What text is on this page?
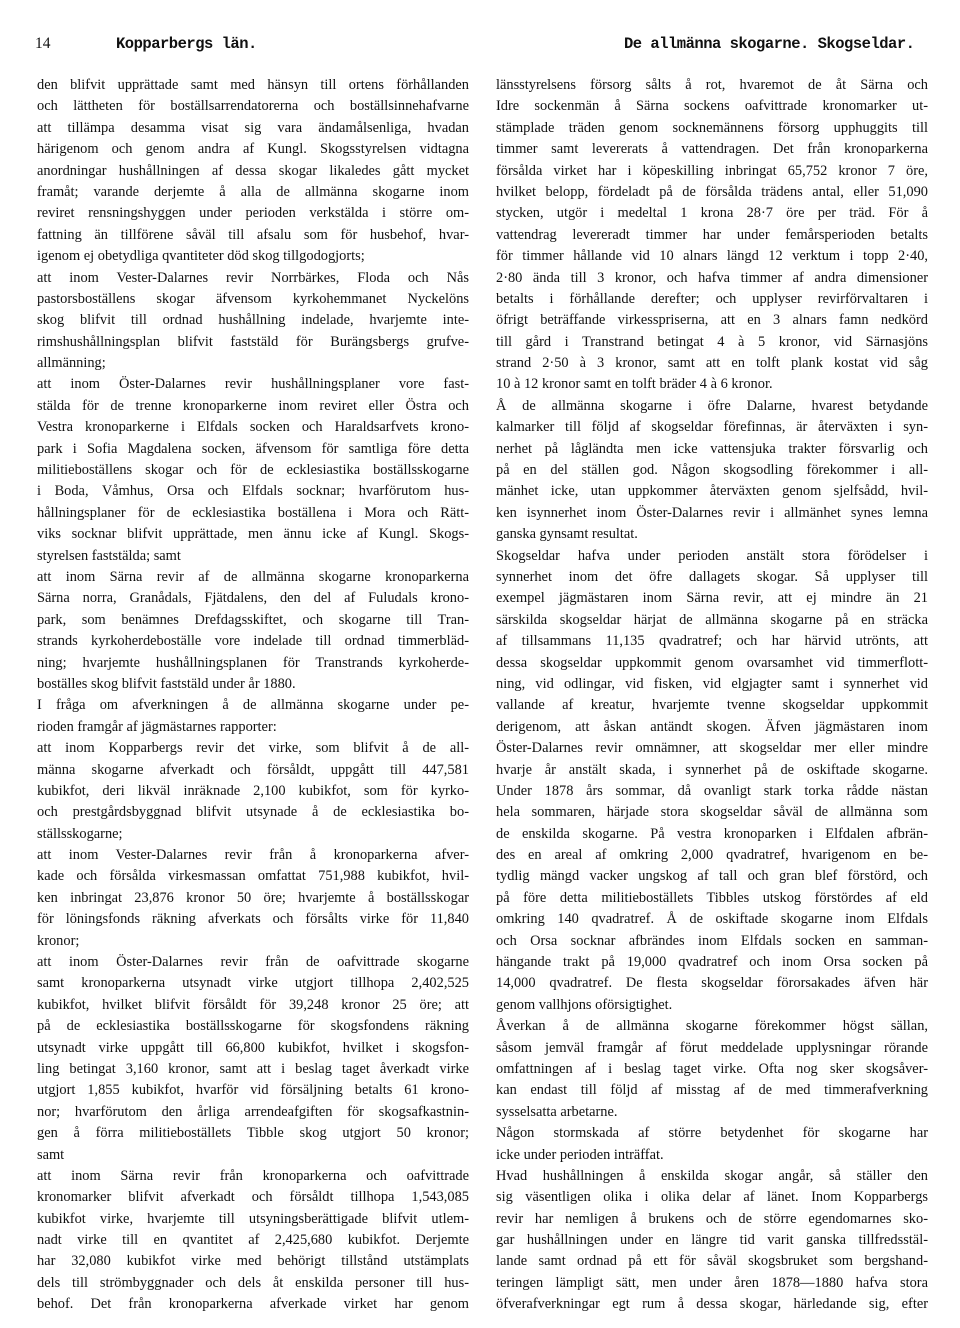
14	Kopparbergs län.	De allmänna skogarne. Skogseldar.
den blifvit upprättade samt med hänsyn till ortens förhållanden
och lättheten för boställsarrendatorerna och boställsinnehafvarne
att tillämpa desamma visat sig vara ändamålsenliga, hvadan
härigenom och genom andra af Kungl. Skogsstyrelsen vidtagna
anordningar hushållningen af dessa skogar likaledes gått mycket
framåt; varande derjemte å alla de allmänna skogarne inom
reviret rensningshyggen under perioden verkstälda i större om-
fattning än tillförene såväl till afsalu som för husbehof, hvar-
igenom ej obetydliga qvantiteter död skog tillgodogjorts;
att inom Vester-Dalarnes revir Norrbärkes, Floda och Nås
pastorsboställens skogar äfvensom kyrkohemmanet Nyckelöns
skog blifvit till ordnad hushållning indelade, hvarjemte inte-
rimshushållningsplan blifvit faststäld för Burängsbergs grufve-
allmänning;
att inom Öster-Dalarnes revir hushållningsplaner vore fast-
stälda för de trenne kronoparkerne inom reviret eller Östra och
Vestra kronoparkerne i Elfdals socken och Haraldsarfvets krono-
park i Sofia Magdalena socken, äfvensom för samtliga före detta
militieboställens skogar och för de ecklesiastika boställsskogarne
i Boda, Våmhus, Orsa och Elfdals socknar; hvarförutom hus-
hållningsplaner för de ecklesiastika boställena i Mora och Rätt-
viks socknar blifvit upprättade, men ännu icke af Kungl. Skogs-
styrelsen faststälda; samt
att inom Särna revir af de allmänna skogarne kronoparkerna
Särna norra, Granådals, Fjätdalens, den del af Fuludals krono-
park, som benämnes Drefdagsskiftet, och skogarne till Tran-
strands kyrkoherdeboställe vore indelade till ordnad timmerbläd-
ning; hvarjemte hushållningsplanen för Transtrands kyrkoherde-
boställes skog blifvit faststäld under år 1880.
I fråga om afverkningen å de allmänna skogarne under pe-
rioden framgår af jägmästarnes rapporter:
att inom Kopparbergs revir det virke, som blifvit å de all-
männa skogarne afverkadt och försåldt, uppgått till 447,581
kubikfot, deri likväl inräknade 2,100 kubikfot, som för kyrko-
och prestgårdsbyggnad blifvit utsynade å de ecklesiastika bo-
ställsskogarne;
att inom Vester-Dalarnes revir från å kronoparkerna afver-
kade och försålda virkesmassan omfattat 751,988 kubikfot, hvil-
ken inbringat 23,876 kronor 50 öre; hvarjemte å boställsskogar
för löningsfonds räkning afverkats och försålts virke för 11,840
kronor;
att inom Öster-Dalarnes revir från de oafvittrade skogarne
samt kronoparkerna utsynadt virke utgjort tillhopa 2,402,525
kubikfot, hvilket blifvit försåldt för 39,248 kronor 25 öre; att
på de ecklesiastika boställsskogarne för skogsfondens räkning
utsynadt virke uppgått till 66,800 kubikfot, hvilket i skogsfon-
ling betingat 3,160 kronor, samt att i beslag taget åverkadt virke
utgjort 1,855 kubikfot, hvarför vid försäljning betalts 61 krono-
nor; hvarförutom den årliga arrendeafgiften för skogsafkastnin-
gen å förra militieboställets Tibble skog utgjort 50 kronor;
samt
att inom Särna revir från kronoparkerna och oafvittrade
kronomarker blifvit afverkadt och försåldt tillhopa 1,543,085
kubikfot virke, hvarjemte till utsyningsberättigade blifvit utlem-
nadt virke till en qvantitet af 2,425,680 kubikfot. Derjemte
har 32,080 kubikfot virke med behörigt tillstånd utstämplats
dels till strömbyggnader och dels åt enskilda personer till hus-
behof. Det från kronoparkerna afverkade virket har genom
länsstyrelsens försorg sålts å rot, hvaremot de åt Särna och
Idre sockenmän å Särna sockens oafvittrade kronomarker ut-
stämplade träden genom socknemännens försorg upphuggits till
timmer samt levererats å vattendragen. Det från kronoparkerna
försålda virket har i köpeskilling inbringat 65,752 kronor 7 öre,
hvilket belopp, fördeladt på de försålda trädens antal, eller 51,090
stycken, utgör i medeltal 1 krona 28·7 öre per träd. För å
vattendrag levereradt timmer har under femårsperioden betalts
för timmer hållande vid 10 alnars längd 12 verktum i topp 2·40,
2·80 ända till 3 kronor, och hafva timmer af andra dimensioner
betalts i förhållande derefter; och upplyser revirförvaltaren i
öfrigt beträffande virkesspriserna, att en 3 alnars famn nedkörd
till gård i Transtrand betingat 4 à 5 kronor, vid Särnasjöns
strand 2·50 à 3 kronor, samt att en tolft plank kostat vid såg
10 à 12 kronor samt en tolft bräder 4 à 6 kronor.
Å de allmänna skogarne i öfre Dalarne, hvarest betydande
kalmarker till följd af skogseldar förefinnas, är återväxten i syn-
nerhet på lågländta men icke vattensjuka trakter försvarlig och
på en del ställen god. Någon skogsodling förekommer i all-
mänhet icke, utan uppkommer återväxten genom sjelfsådd, hvil-
ken isynnerhet inom Öster-Dalarnes revir i allmänhet synes lemna
ganska gynsamt resultat.
Skogseldar hafva under perioden anstält stora förödelser i
synnerhet inom det öfre dallagets skogar. Så upplyser till
exempel jägmästaren inom Särna revir, att ej mindre än 21
särskilda skogseldar härjat de allmänna skogarne på en sträcka
af tillsammans 11,135 qvadratref; och har härvid utrönts, att
dessa skogseldar uppkommit genom ovarsamhet vid timmerflott-
ning, vid odlingar, vid fisken, vid elgjagter samt i synnerhet vid
vallande af kreatur, hvarjemte tvenne skogseldar uppkommit
derigenom, att åskan antändt skogen. Äfven jägmästaren inom
Öster-Dalarnes revir omnämner, att skogseldar mer eller mindre
hvarje år anstält skada, i synnerhet på de oskiftade skogarne.
Under 1878 års sommar, då ovanligt stark torka rådde nästan
hela sommaren, härjade stora skogseldar såväl de allmänna som
de enskilda skogarne. På vestra kronoparken i Elfdalen afbrän-
des en areal af omkring 2,000 qvadratref, hvarigenom en be-
tydlig mängd vacker ungskog af tall och gran blef förstörd, och
på före detta militieboställets Tibbles utskog förstördes af eld
omkring 140 qvadratref. Å de oskiftade skogarne inom Elfdals
och Orsa socknar afbrändes inom Elfdals socken en samman-
hängande trakt på 19,000 qvadratref och inom Orsa socken på
14,000 qvadratref. De flesta skogseldar förorsakades äfven här
genom vallhjons oförsigtighet.
Åverkan å de allmänna skogarne förekommer högst sällan,
såsom jemväl framgår af förut meddelade upplysningar rörande
omfattningen af i beslag taget virke. Ofta nog sker skogsåver-
kan endast till följd af misstag af de med timmerafverkning
sysselsatta arbetarne.
Någon stormskada af större betydenhet för skogarne har
icke under perioden inträffat.
Hvad hushållningen å enskilda skogar angår, så ställer den
sig väsentligen olika i olika delar af länet. Inom Kopparbergs
revir har nemligen å brukens och de större egendomarnes sko-
gar hushållningen under en längre tid varit ganska tillfredsstäl-
lande samt ordnad på ett för såväl skogsbruket som bergshand-
teringen lämpligt sätt, men under åren 1878—1880 hafva stora
öfverafverkningar egt rum å dessa skogar, härledande sig, efter
